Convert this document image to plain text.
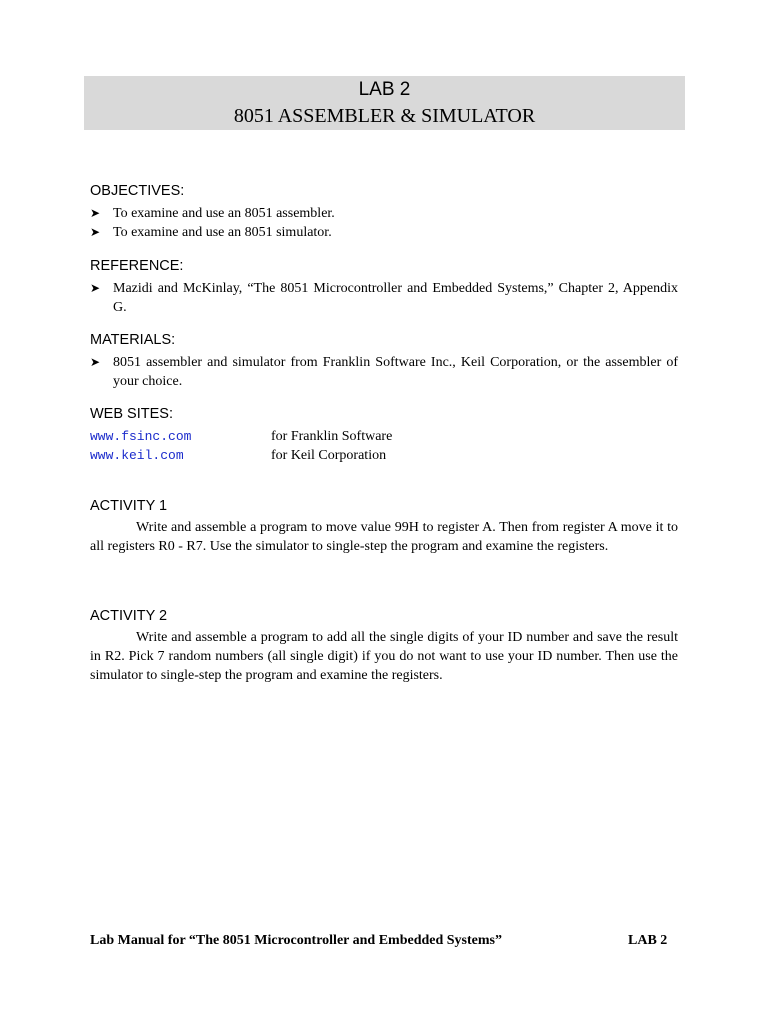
LAB 2
8051 ASSEMBLER & SIMULATOR
OBJECTIVES:
➤ To examine and use an 8051 assembler.
➤ To examine and use an 8051 simulator.
REFERENCE:
➤ Mazidi and McKinlay, “The 8051 Microcontroller and Embedded Systems,” Chapter 2, Appendix G.
MATERIALS:
➤ 8051 assembler and simulator from Franklin Software Inc., Keil Corporation, or the assembler of your choice.
WEB SITES:
www.fsinc.com	for Franklin Software
www.keil.com	for Keil Corporation
ACTIVITY 1

Write and assemble a program to move value 99H to register A. Then from register A move it to all registers R0 - R7. Use the simulator to single-step the program and examine the registers.

ACTIVITY 2

Write and assemble a program to add all the single digits of your ID number and save the result in R2. Pick 7 random numbers (all single digit) if you do not want to use your ID number. Then use the simulator to single-step the program and examine the registers.

Lab Manual for “The 8051 Microcontroller and Embedded Systems”	LAB 2
